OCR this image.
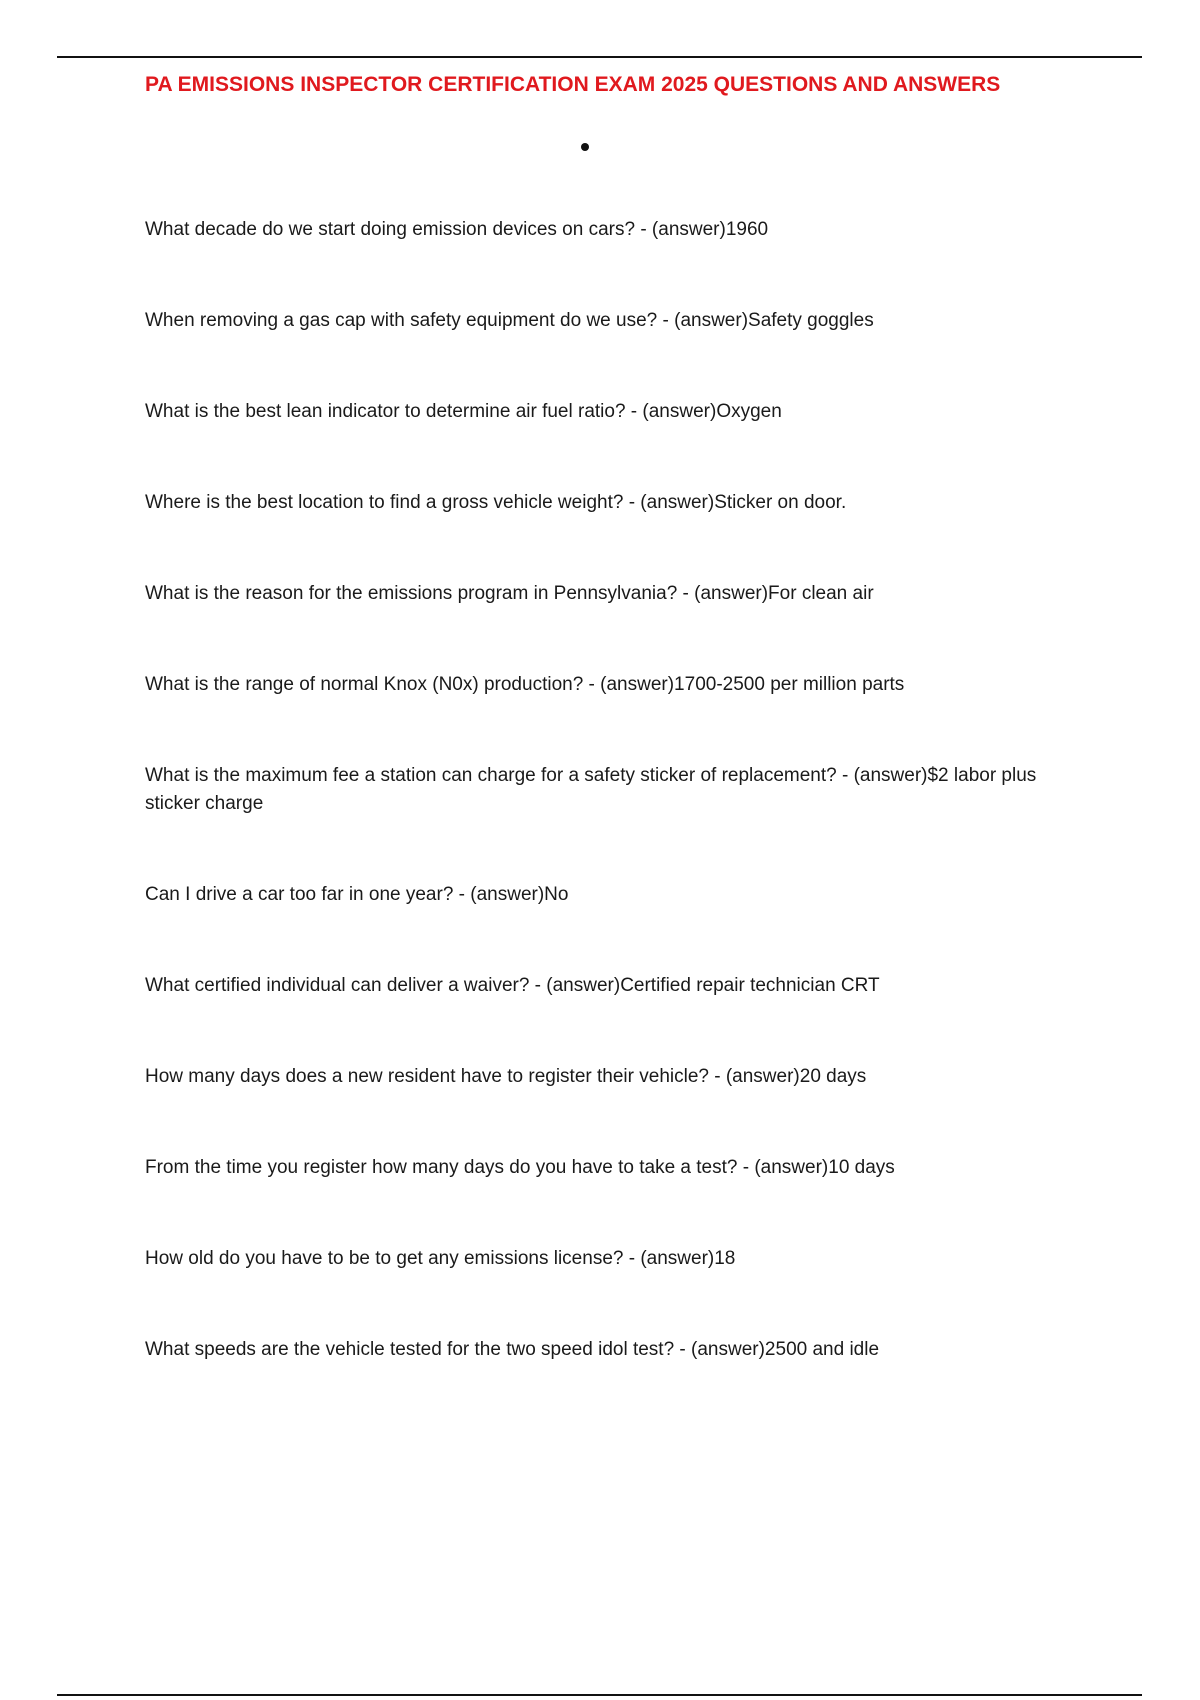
PA EMISSIONS INSPECTOR CERTIFICATION EXAM 2025 QUESTIONS AND ANSWERS
What decade do we start doing emission devices on cars? - (answer)1960
When removing a gas cap with safety equipment do we use? - (answer)Safety goggles
What is the best lean indicator to determine air fuel ratio? - (answer)Oxygen
Where is the best location to find a gross vehicle weight? - (answer)Sticker on door.
What is the reason for the emissions program in Pennsylvania? - (answer)For clean air
What is the range of normal Knox (N0x) production? - (answer)1700-2500 per million parts
What is the maximum fee a station can charge for a safety sticker of replacement? - (answer)$2 labor plus sticker charge
Can I drive a car too far in one year? - (answer)No
What certified individual can deliver a waiver? - (answer)Certified repair technician CRT
How many days does a new resident have to register their vehicle? - (answer)20 days
From the time you register how many days do you have to take a test? - (answer)10 days
How old do you have to be to get any emissions license? - (answer)18
What speeds are the vehicle tested for the two speed idol test? - (answer)2500 and idle
